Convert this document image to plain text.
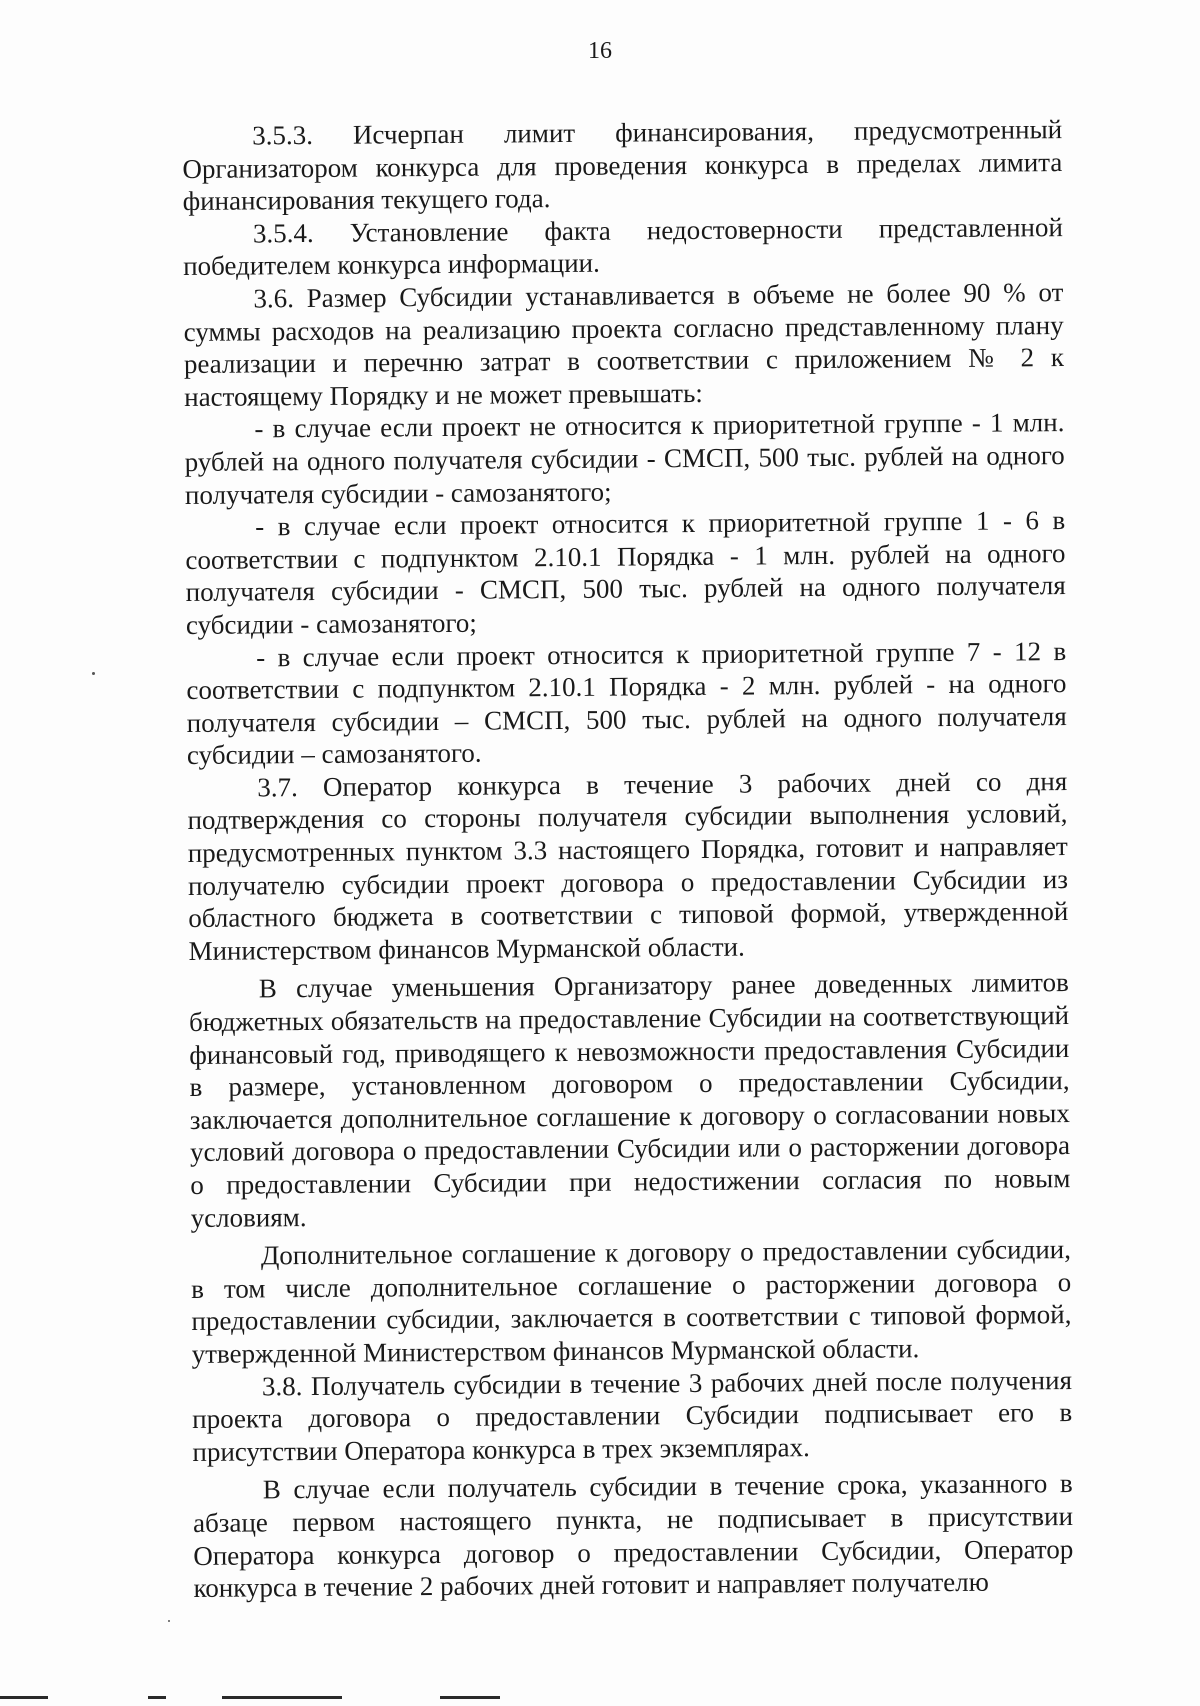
16

3.5.3. Исчерпан лимит финансирования, предусмотренный Организатором конкурса для проведения конкурса в пределах лимита финансирования текущего года.

3.5.4. Установление факта недостоверности представленной победителем конкурса информации.

3.6. Размер Субсидии устанавливается в объеме не более 90 % от суммы расходов на реализацию проекта согласно представленному плану реализации и перечню затрат в соответствии с приложением № 2 к настоящему Порядку и не может превышать:

- в случае если проект не относится к приоритетной группе - 1 млн. рублей на одного получателя субсидии - СМСП, 500 тыс. рублей на одного получателя субсидии - самозанятого;

- в случае если проект относится к приоритетной группе 1 - 6 в соответствии с подпунктом 2.10.1 Порядка - 1 млн. рублей на одного получателя субсидии - СМСП, 500 тыс. рублей на одного получателя субсидии - самозанятого;

- в случае если проект относится к приоритетной группе 7 - 12 в соответствии с подпунктом 2.10.1 Порядка - 2 млн. рублей - на одного получателя субсидии – СМСП, 500 тыс. рублей на одного получателя субсидии – самозанятого.

3.7. Оператор конкурса в течение 3 рабочих дней со дня подтверждения со стороны получателя субсидии выполнения условий, предусмотренных пунктом 3.3 настоящего Порядка, готовит и направляет получателю субсидии проект договора о предоставлении Субсидии из областного бюджета в соответствии с типовой формой, утвержденной Министерством финансов Мурманской области.

В случае уменьшения Организатору ранее доведенных лимитов бюджетных обязательств на предоставление Субсидии на соответствующий финансовый год, приводящего к невозможности предоставления Субсидии в размере, установленном договором о предоставлении Субсидии, заключается дополнительное соглашение к договору о согласовании новых условий договора о предоставлении Субсидии или о расторжении договора о предоставлении Субсидии при недостижении согласия по новым условиям.

Дополнительное соглашение к договору о предоставлении субсидии, в том числе дополнительное соглашение о расторжении договора о предоставлении субсидии, заключается в соответствии с типовой формой, утвержденной Министерством финансов Мурманской области.

3.8. Получатель субсидии в течение 3 рабочих дней после получения проекта договора о предоставлении Субсидии подписывает его в присутствии Оператора конкурса в трех экземплярах.

В случае если получатель субсидии в течение срока, указанного в абзаце первом настоящего пункта, не подписывает в присутствии Оператора конкурса договор о предоставлении Субсидии, Оператор конкурса в течение 2 рабочих дней готовит и направляет получателю
